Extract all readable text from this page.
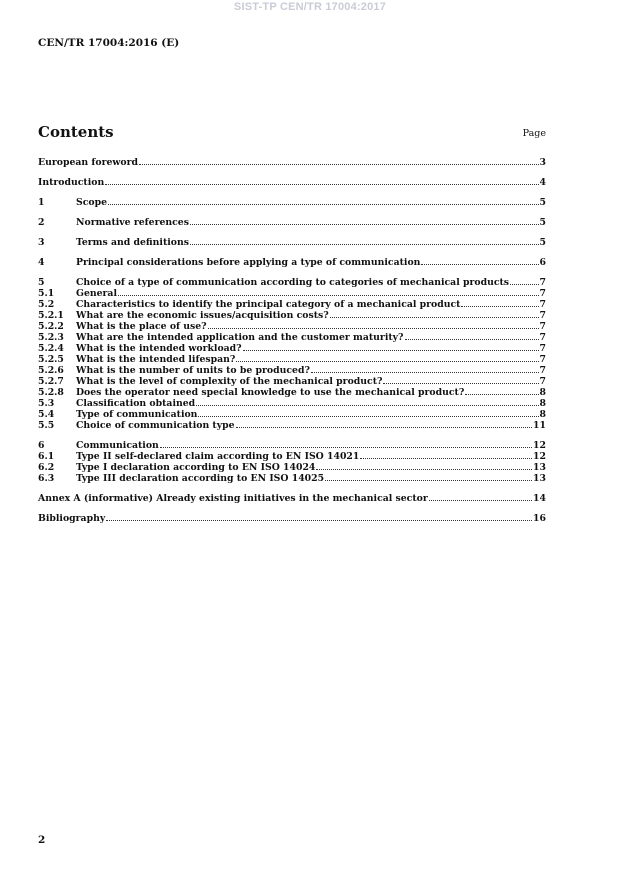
SIST-TP CEN/TR 17004:2017
CEN/TR 17004:2016 (E)
Contents	Page
European foreword	3
Introduction	4
1	Scope	5
2	Normative references	5
3	Terms and definitions	5
4	Principal considerations before applying a type of communication	6
5	Choice of a type of communication according to categories of mechanical products	7
5.1	General	7
5.2	Characteristics to identify the principal category of a mechanical product	7
5.2.1	What are the economic issues/acquisition costs?	7
5.2.2	What is the place of use?	7
5.2.3	What are the intended application and the customer maturity?	7
5.2.4	What is the intended workload?	7
5.2.5	What is the intended lifespan?	7
5.2.6	What is the number of units to be produced?	7
5.2.7	What is the level of complexity of the mechanical product?	7
5.2.8	Does the operator need special knowledge to use the mechanical product?	8
5.3	Classification obtained	8
5.4	Type of communication	8
5.5	Choice of communication type	11
6	Communication	12
6.1	Type II self-declared claim according to EN ISO 14021	12
6.2	Type I declaration according to EN ISO 14024	13
6.3	Type III declaration according to EN ISO 14025	13
Annex A (informative) Already existing initiatives in the mechanical sector	14
Bibliography	16
2
